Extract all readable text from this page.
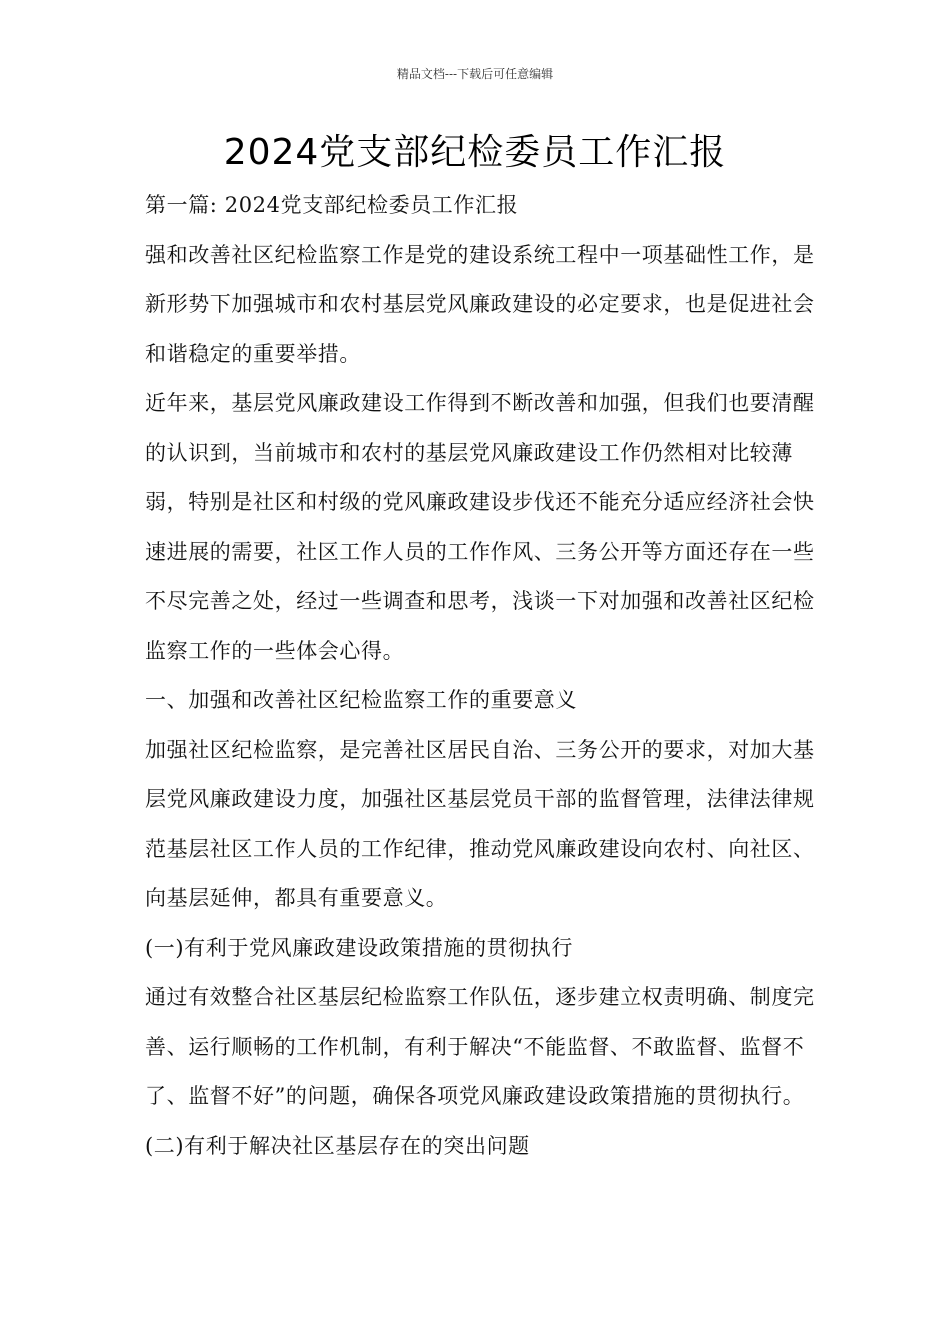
精品文档---下载后可任意编辑
2024党支部纪检委员工作汇报

第一篇: 2024党支部纪检委员工作汇报

强和改善社区纪检监察工作是党的建设系统工程中一项基础性工作，是新形势下加强城市和农村基层党风廉政建设的必定要求，也是促进社会和谐稳定的重要举措。

近年来，基层党风廉政建设工作得到不断改善和加强，但我们也要清醒的认识到，当前城市和农村的基层党风廉政建设工作仍然相对比较薄弱，特别是社区和村级的党风廉政建设步伐还不能充分适应经济社会快速进展的需要，社区工作人员的工作作风、三务公开等方面还存在一些不尽完善之处，经过一些调查和思考，浅谈一下对加强和改善社区纪检监察工作的一些体会心得。

一、加强和改善社区纪检监察工作的重要意义

加强社区纪检监察，是完善社区居民自治、三务公开的要求，对加大基层党风廉政建设力度，加强社区基层党员干部的监督管理，法律法律规范基层社区工作人员的工作纪律，推动党风廉政建设向农村、向社区、向基层延伸，都具有重要意义。

(一)有利于党风廉政建设政策措施的贯彻执行

通过有效整合社区基层纪检监察工作队伍，逐步建立权责明确、制度完善、运行顺畅的工作机制，有利于解决“不能监督、不敢监督、监督不了、监督不好”的问题，确保各项党风廉政建设政策措施的贯彻执行。

(二)有利于解决社区基层存在的突出问题
